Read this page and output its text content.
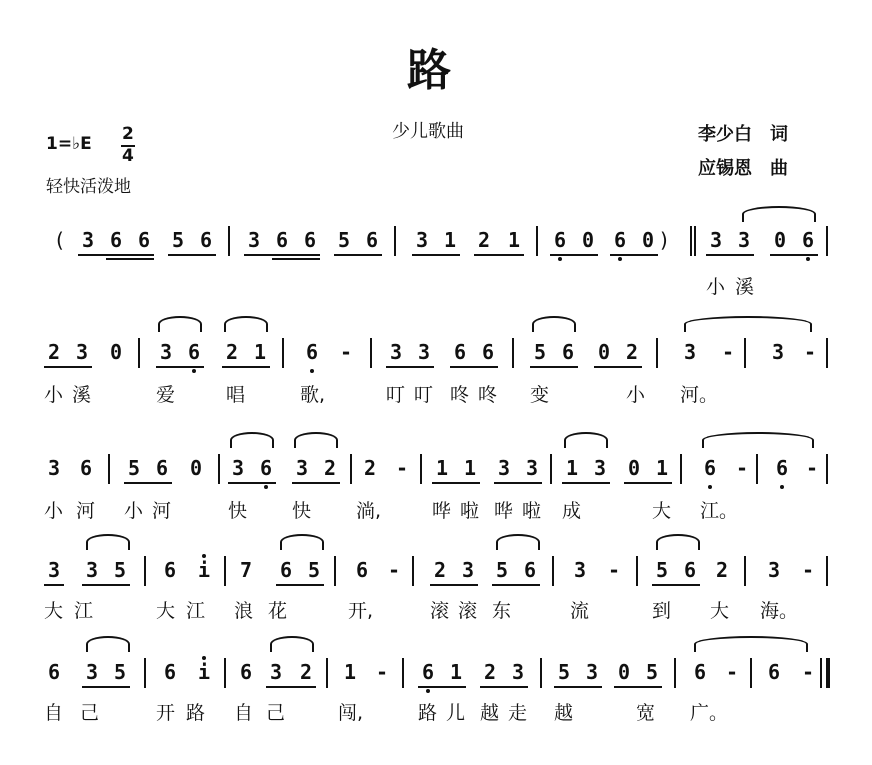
路
少儿歌曲
1=♭E 2
4
轻快活泼地
李少白 词
应锡恩 曲
( 3 6 6 5 6 3 6 6 5 6 3 1 2 1 6 0 6 0 ) 3 3 0 6
小溪
2 3 0 3 6 2 1 6 - 3 3 6 6 5 6 0 2 3 - 3 -
小 溪	爱	唱	歌,	叮 叮 咚 咚 变	小 河。
3 6 5 6 0 3 6 3 2 2 - 1 1 3 3 1 3 0 1 6 - 6 -
小 河 小 河	快 快 淌,	哗 啦 哗 啦 成	大 江。
3 3 5 6 i 7 6 5 6 - 2 3 5 6 3 - 5 6 2 3 -
大 江	大 江 浪 花	开,	滚 滚 东	流	到 大 海。
6 3 5 6 i 6 3 2 1 - 6 1 2 3 5 3 0 5 6 - 6 -
自 己	开 路 自 己	闯,	路 儿 越 走 越	宽 广。
